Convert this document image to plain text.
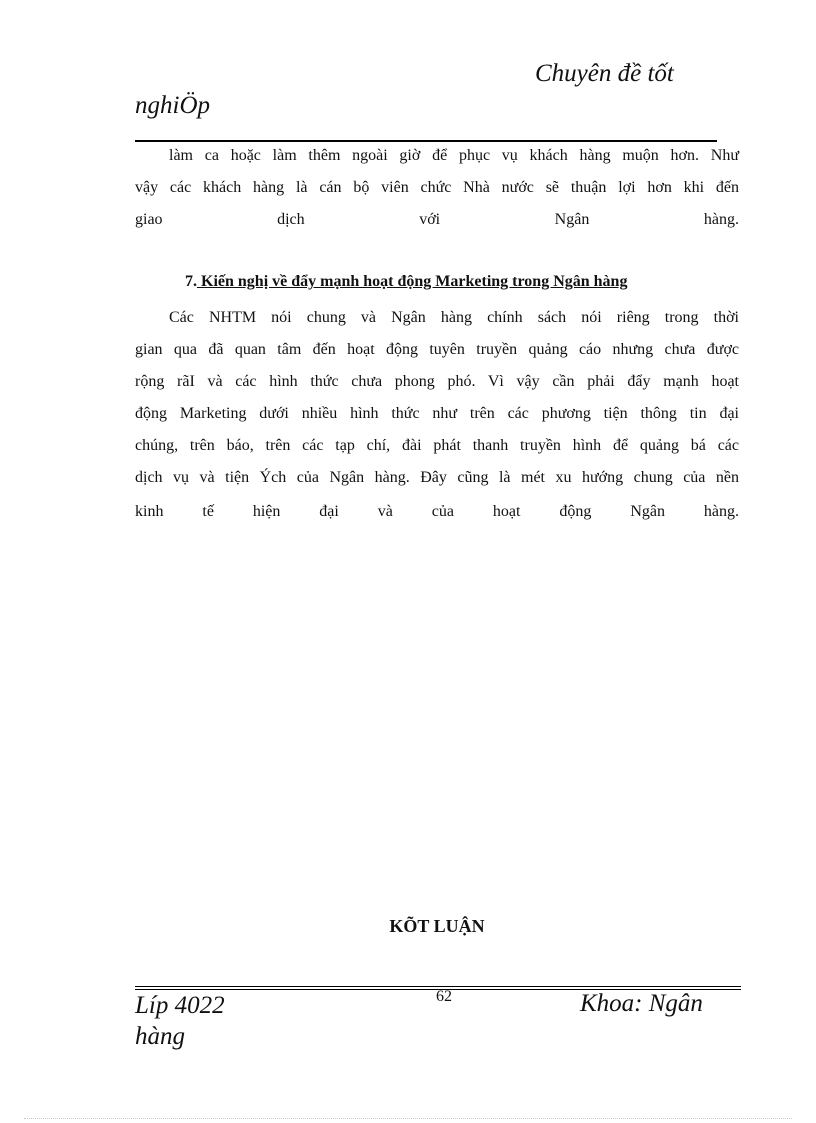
Chuyên đề tốt
nghiÖp
làm ca hoặc làm thêm ngoài giờ để phục vụ khách hàng muộn hơn. Như
vậy các khách hàng là cán bộ viên chức Nhà nước sẽ thuận lợi hơn khi đến
giao dịch với Ngân hàng.
7. Kiến nghị về đẩy mạnh hoạt động Marketing trong Ngân hàng
Các NHTM nói chung và Ngân hàng chính sách nói riêng trong thời
gian qua đã quan tâm đến hoạt động tuyên truyền quảng cáo nhưng chưa được
rộng rãI và các hình thức chưa phong phó. Vì vậy cần phải đẩy mạnh hoạt
động Marketing dưới nhiều hình thức như trên các phương tiện thông tin đại
chúng, trên báo, trên các tạp chí, đài phát thanh truyền hình để quảng bá các
dịch vụ và tiện Ých của Ngân hàng. Đây cũng là mét xu hướng chung của nền
kinh tế hiện đại và của hoạt động Ngân hàng.
KÕT LUẬN
62
Líp 4022
hàng
Khoa: Ngân
